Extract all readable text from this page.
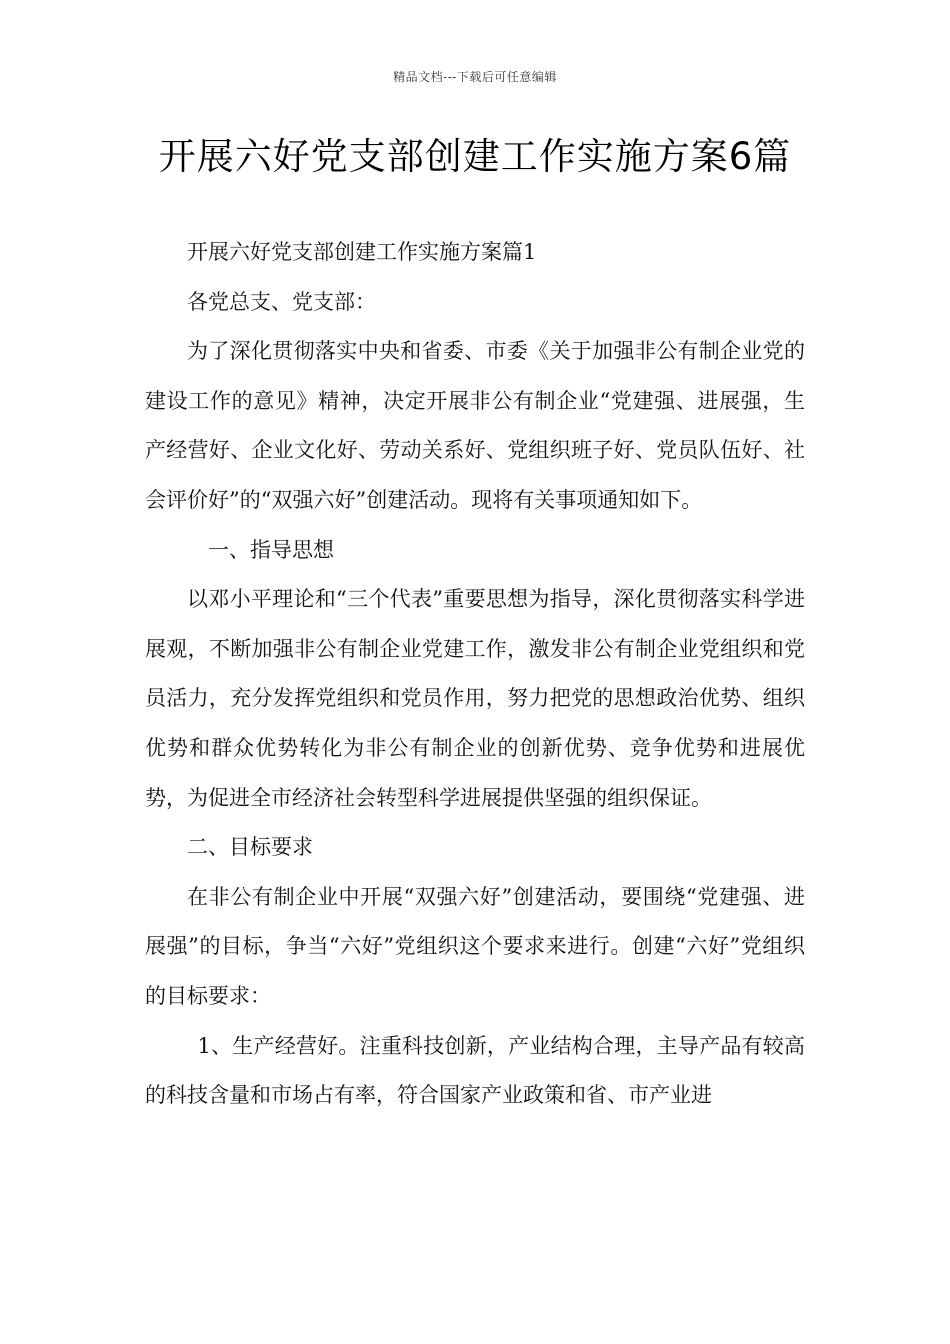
精品文档---下载后可任意编辑
开展六好党支部创建工作实施方案6篇

开展六好党支部创建工作实施方案篇1

各党总支、党支部：

为了深化贯彻落实中央和省委、市委《关于加强非公有制企业党的建设工作的意见》精神，决定开展非公有制企业“党建强、进展强，生产经营好、企业文化好、劳动关系好、党组织班子好、党员队伍好、社会评价好”的“双强六好”创建活动。现将有关事项通知如下。

一、指导思想

以邓小平理论和“三个代表”重要思想为指导，深化贯彻落实科学进展观，不断加强非公有制企业党建工作，激发非公有制企业党组织和党员活力，充分发挥党组织和党员作用，努力把党的思想政治优势、组织优势和群众优势转化为非公有制企业的创新优势、竞争优势和进展优势，为促进全市经济社会转型科学进展提供坚强的组织保证。

二、目标要求

在非公有制企业中开展“双强六好”创建活动，要围绕“党建强、进展强”的目标，争当“六好”党组织这个要求来进行。创建“六好”党组织的目标要求：

1、生产经营好。注重科技创新，产业结构合理，主导产品有较高的科技含量和市场占有率，符合国家产业政策和省、市产业进
